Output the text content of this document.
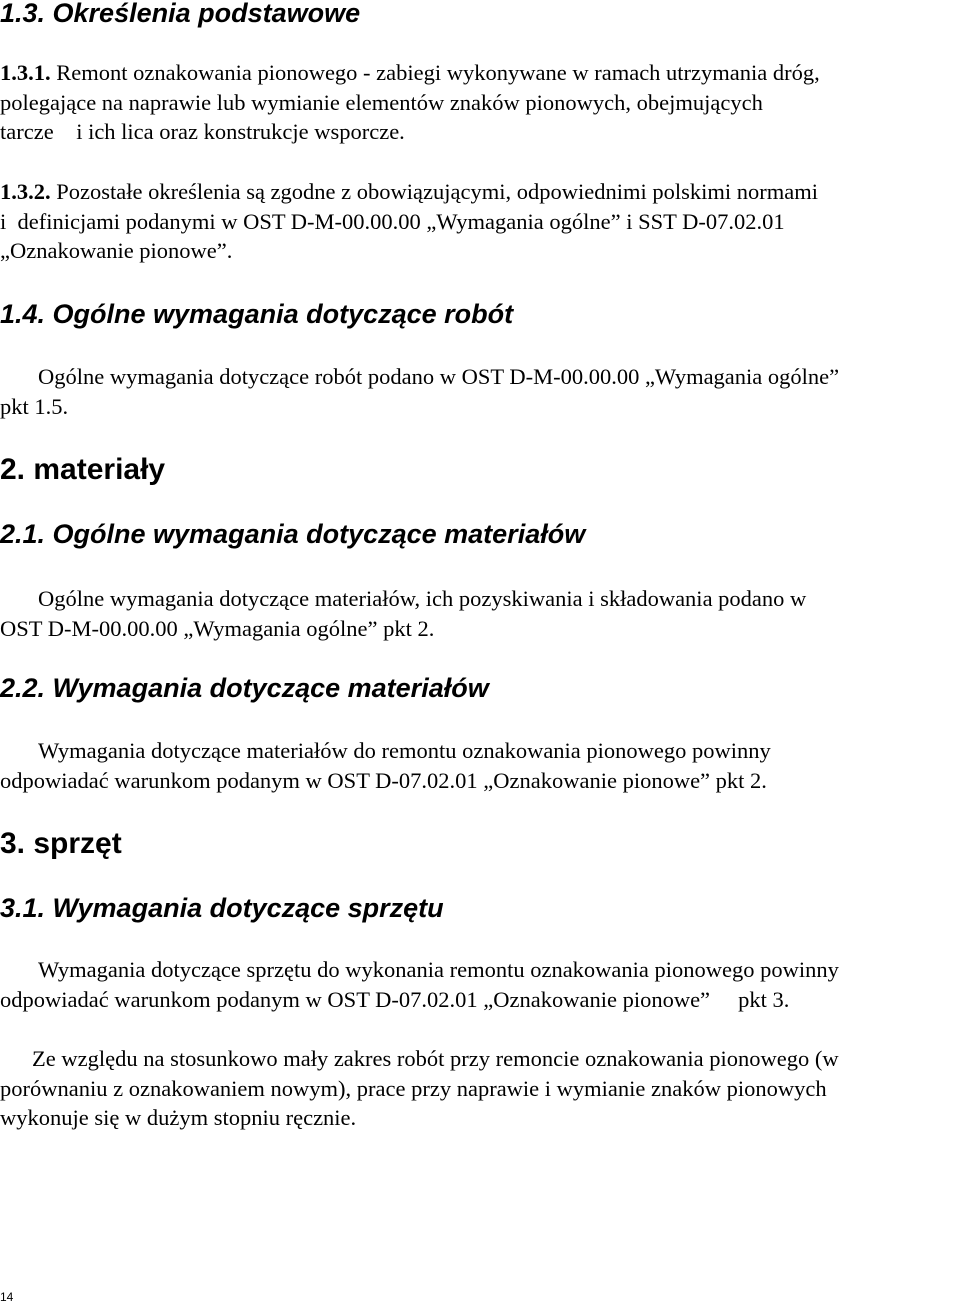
1.3. Określenia podstawowe
1.3.1. Remont oznakowania pionowego - zabiegi wykonywane w ramach utrzymania dróg,
polegające na naprawie lub wymianie elementów znaków pionowych, obejmujących
tarcze    i ich lica oraz konstrukcje wsporcze.
1.3.2. Pozostałe określenia są zgodne z obowiązującymi, odpowiednimi polskimi normami
i  definicjami podanymi w OST D-M-00.00.00 „Wymagania ogólne” i SST D-07.02.01
„Oznakowanie pionowe”.
1.4. Ogólne wymagania dotyczące robót
Ogólne wymagania dotyczące robót podano w OST D-M-00.00.00 „Wymagania ogólne”
pkt 1.5.
2. materiały
2.1. Ogólne wymagania dotyczące materiałów
Ogólne wymagania dotyczące materiałów, ich pozyskiwania i składowania podano w
OST D-M-00.00.00 „Wymagania ogólne” pkt 2.
2.2. Wymagania dotyczące materiałów
Wymagania dotyczące materiałów do remontu oznakowania pionowego powinny
odpowiadać warunkom podanym w OST D-07.02.01 „Oznakowanie pionowe” pkt 2.
3. sprzęt
3.1. Wymagania dotyczące sprzętu
Wymagania dotyczące sprzętu do wykonania remontu oznakowania pionowego powinny
odpowiadać warunkom podanym w OST D-07.02.01 „Oznakowanie pionowe”     pkt 3.
Ze względu na stosunkowo mały zakres robót przy remoncie oznakowania pionowego (w
porównaniu z oznakowaniem nowym), prace przy naprawie i wymianie znaków pionowych
wykonuje się w dużym stopniu ręcznie.
14
